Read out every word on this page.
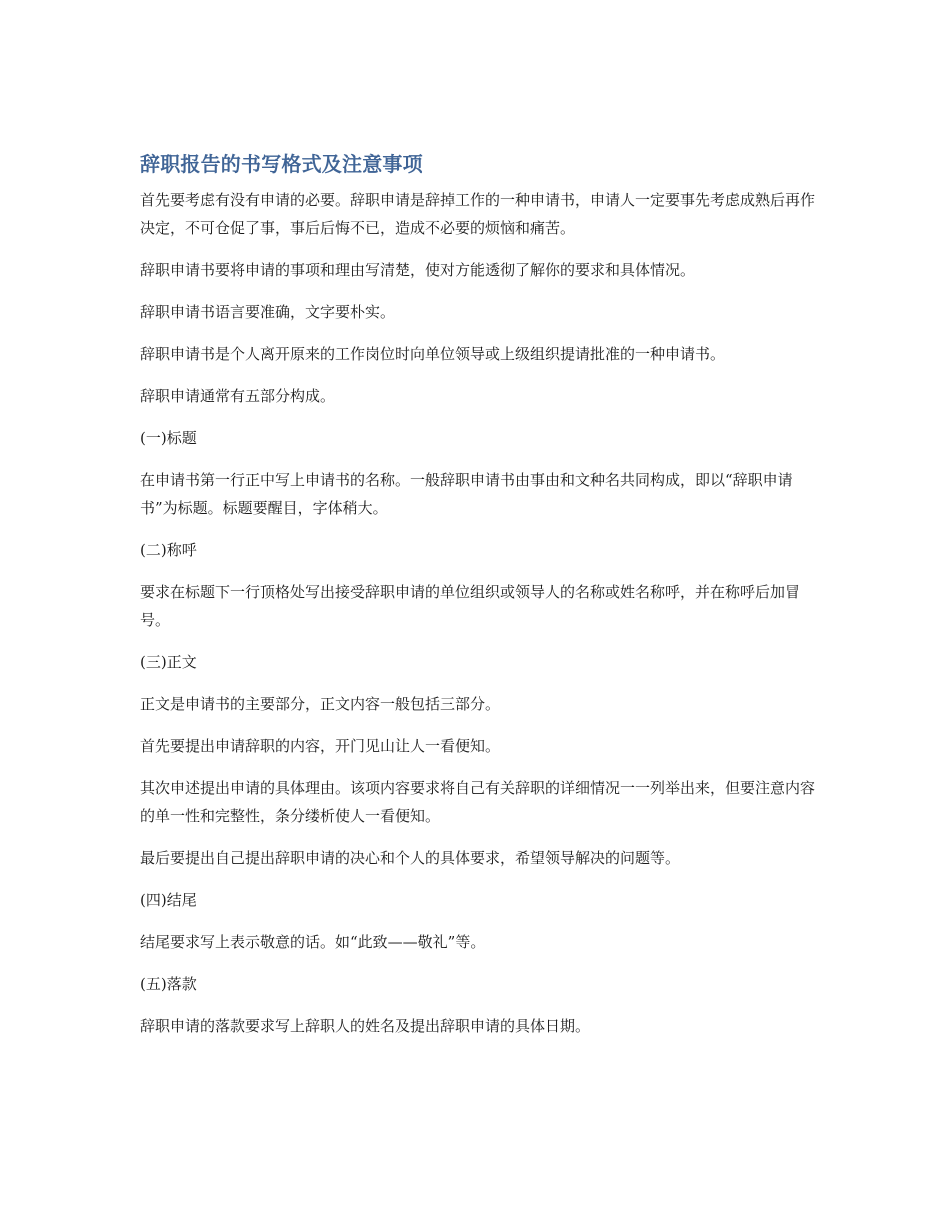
辞职报告的书写格式及注意事项

首先要考虑有没有申请的必要。辞职申请是辞掉工作的一种申请书，申请人一定要事先考虑成熟后再作决定，不可仓促了事，事后后悔不已，造成不必要的烦恼和痛苦。

辞职申请书要将申请的事项和理由写清楚，使对方能透彻了解你的要求和具体情况。

辞职申请书语言要准确，文字要朴实。

辞职申请书是个人离开原来的工作岗位时向单位领导或上级组织提请批准的一种申请书。

辞职申请通常有五部分构成。

(一)标题

在申请书第一行正中写上申请书的名称。一般辞职申请书由事由和文种名共同构成，即以“辞职申请书”为标题。标题要醒目，字体稍大。

(二)称呼

要求在标题下一行顶格处写出接受辞职申请的单位组织或领导人的名称或姓名称呼，并在称呼后加冒号。

(三)正文

正文是申请书的主要部分，正文内容一般包括三部分。

首先要提出申请辞职的内容，开门见山让人一看便知。

其次申述提出申请的具体理由。该项内容要求将自己有关辞职的详细情况一一列举出来，但要注意内容的单一性和完整性，条分缕析使人一看便知。

最后要提出自己提出辞职申请的决心和个人的具体要求，希望领导解决的问题等。

(四)结尾

结尾要求写上表示敬意的话。如“此致——敬礼”等。

(五)落款

辞职申请的落款要求写上辞职人的姓名及提出辞职申请的具体日期。
